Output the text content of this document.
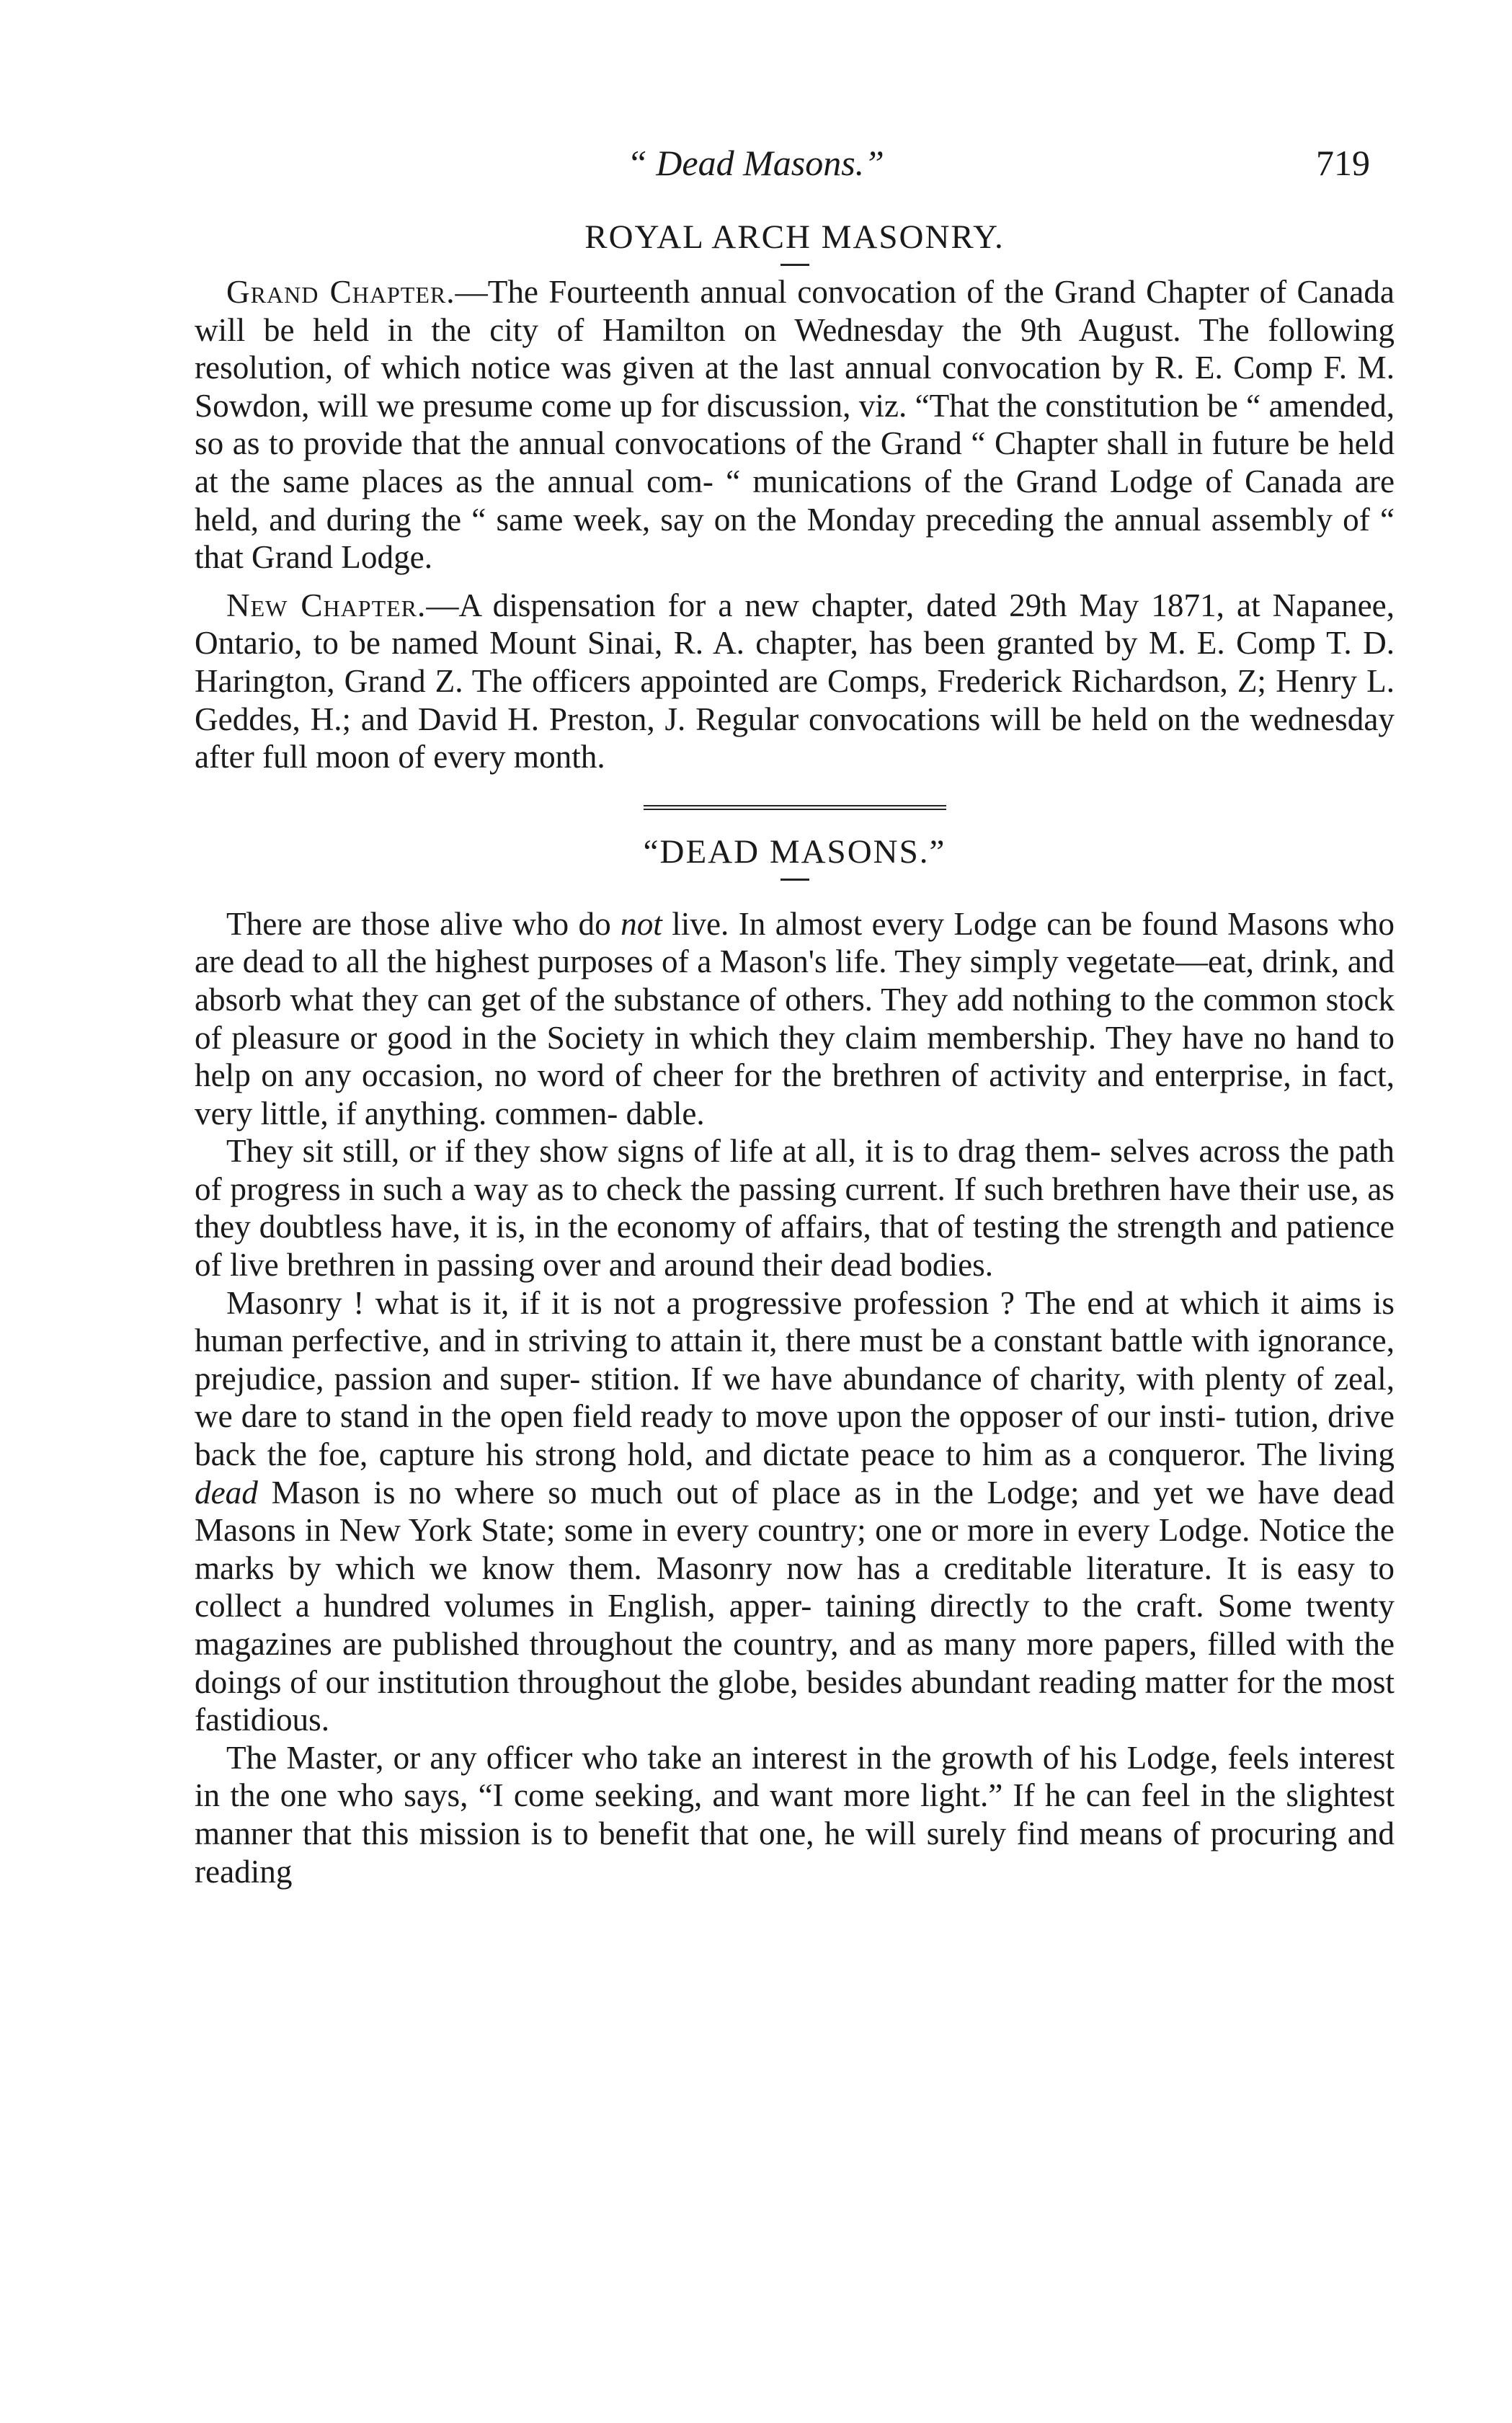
“ Dead Masons.”	719
ROYAL ARCH MASONRY.

Grand Chapter.—The Fourteenth annual convocation of the Grand Chapter of Canada will be held in the city of Hamilton on Wednesday the 9th August. The following resolution, of which notice was given at the last annual convocation by R. E. Comp F. M. Sowdon, will we presume come up for discussion, viz. “That the constitution be “ amended, so as to provide that the annual convocations of the Grand “ Chapter shall in future be held at the same places as the annual com- “ munications of the Grand Lodge of Canada are held, and during the “ same week, say on the Monday preceding the annual assembly of “ that Grand Lodge.

New Chapter.—A dispensation for a new chapter, dated 29th May 1871, at Napanee, Ontario, to be named Mount Sinai, R. A. chapter, has been granted by M. E. Comp T. D. Harington, Grand Z. The officers appointed are Comps, Frederick Richardson, Z; Henry L. Geddes, H.; and David H. Preston, J. Regular convocations will be held on the wednesday after full moon of every month.

“DEAD MASONS.”

There are those alive who do not live. In almost every Lodge can be found Masons who are dead to all the highest purposes of a Mason's life. They simply vegetate—eat, drink, and absorb what they can get of the substance of others. They add nothing to the common stock of pleasure or good in the Society in which they claim membership. They have no hand to help on any occasion, no word of cheer for the brethren of activity and enterprise, in fact, very little, if anything. commen- dable.

They sit still, or if they show signs of life at all, it is to drag them- selves across the path of progress in such a way as to check the passing current. If such brethren have their use, as they doubtless have, it is, in the economy of affairs, that of testing the strength and patience of live brethren in passing over and around their dead bodies.

Masonry ! what is it, if it is not a progressive profession ? The end at which it aims is human perfective, and in striving to attain it, there must be a constant battle with ignorance, prejudice, passion and super- stition. If we have abundance of charity, with plenty of zeal, we dare to stand in the open field ready to move upon the opposer of our insti- tution, drive back the foe, capture his strong hold, and dictate peace to him as a conqueror. The living dead Mason is no where so much out of place as in the Lodge; and yet we have dead Masons in New York State; some in every country; one or more in every Lodge. Notice the marks by which we know them. Masonry now has a creditable literature. It is easy to collect a hundred volumes in English, apper- taining directly to the craft. Some twenty magazines are published throughout the country, and as many more papers, filled with the doings of our institution throughout the globe, besides abundant reading matter for the most fastidious.

The Master, or any officer who take an interest in the growth of his Lodge, feels interest in the one who says, “I come seeking, and want more light.” If he can feel in the slightest manner that this mission is to benefit that one, he will surely find means of procuring and reading
